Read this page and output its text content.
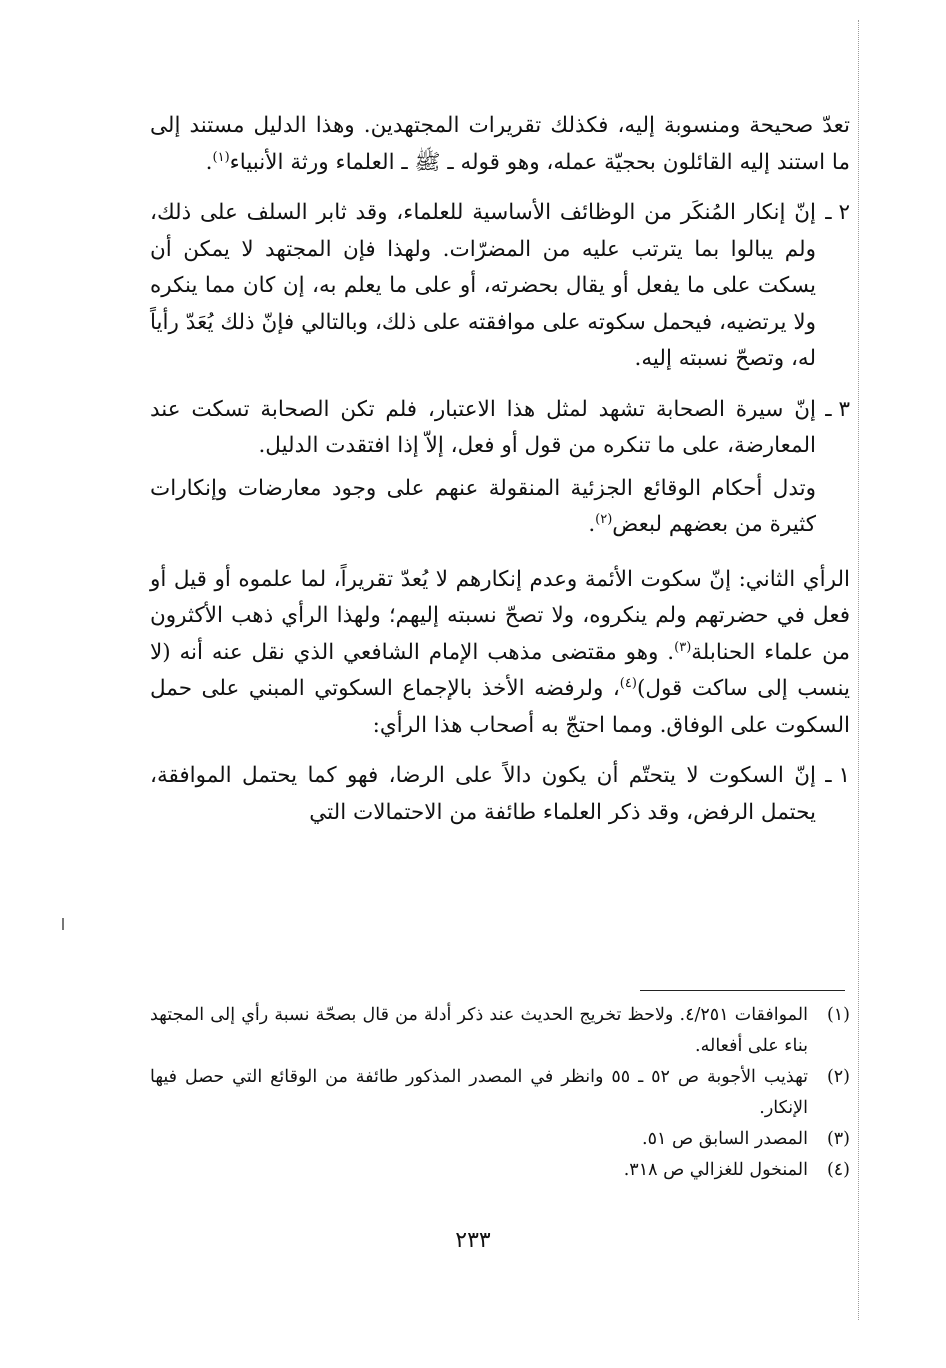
تعدّ صحيحة ومنسوبة إليه، فكذلك تقريرات المجتهدين. وهذا الدليل مستند إلى ما استند إليه القائلون بحجيّة عمله، وهو قوله ـ ﷺ ـ العلماء ورثة الأنبياء$^{(١)}$.

٢ ـ

إنّ إنكار المُنكَر من الوظائف الأساسية للعلماء، وقد ثابر السلف على ذلك، ولم يبالوا بما يترتب عليه من المضرّات. ولهذا فإن المجتهد لا يمكن أن يسكت على ما يفعل أو يقال بحضرته، أو على ما يعلم به، إن كان مما ينكره ولا يرتضيه، فيحمل سكوته على موافقته على ذلك، وبالتالي فإنّ ذلك يُعَدّ رأياً له، وتصحّ نسبته إليه.

٣ ـ

إنّ سيرة الصحابة تشهد لمثل هذا الاعتبار، فلم تكن الصحابة تسكت عند المعارضة، على ما تنكره من قول أو فعل، إلاّ إذا افتقدت الدليل.

وتدل أحكام الوقائع الجزئية المنقولة عنهم على وجود معارضات وإنكارات كثيرة من بعضهم لبعض$^{(٢)}$.

الرأي الثاني: إنّ سكوت الأئمة وعدم إنكارهم لا يُعدّ تقريراً، لما علموه أو قيل أو فعل في حضرتهم ولم ينكروه، ولا تصحّ نسبته إليهم؛ ولهذا الرأي ذهب الأكثرون من علماء الحنابلة$^{(٣)}$. وهو مقتضى مذهب الإمام الشافعي الذي نقل عنه أنه (لا ينسب إلى ساكت قول)$^{(٤)}$، ولرفضه الأخذ بالإجماع السكوتي المبني على حمل السكوت على الوفاق. ومما احتجّ به أصحاب هذا الرأي:

١ ـ

إنّ السكوت لا يتحتّم أن يكون دالاً على الرضا، فهو كما يحتمل الموافقة، يحتمل الرفض، وقد ذكر العلماء طائفة من الاحتمالات التي

(١)

الموافقات ٤/٢٥١. ولاحظ تخريج الحديث عند ذكر أدلة من قال بصحّة نسبة رأي إلى المجتهد بناء على أفعاله.

(٢)

تهذيب الأجوبة ص ٥٢ ـ ٥٥ وانظر في المصدر المذكور طائفة من الوقائع التي حصل فيها الإنكار.

(٣)

المصدر السابق ص ٥١.

(٤)

المنخول للغزالي ص ٣١٨.

٢٣٣
